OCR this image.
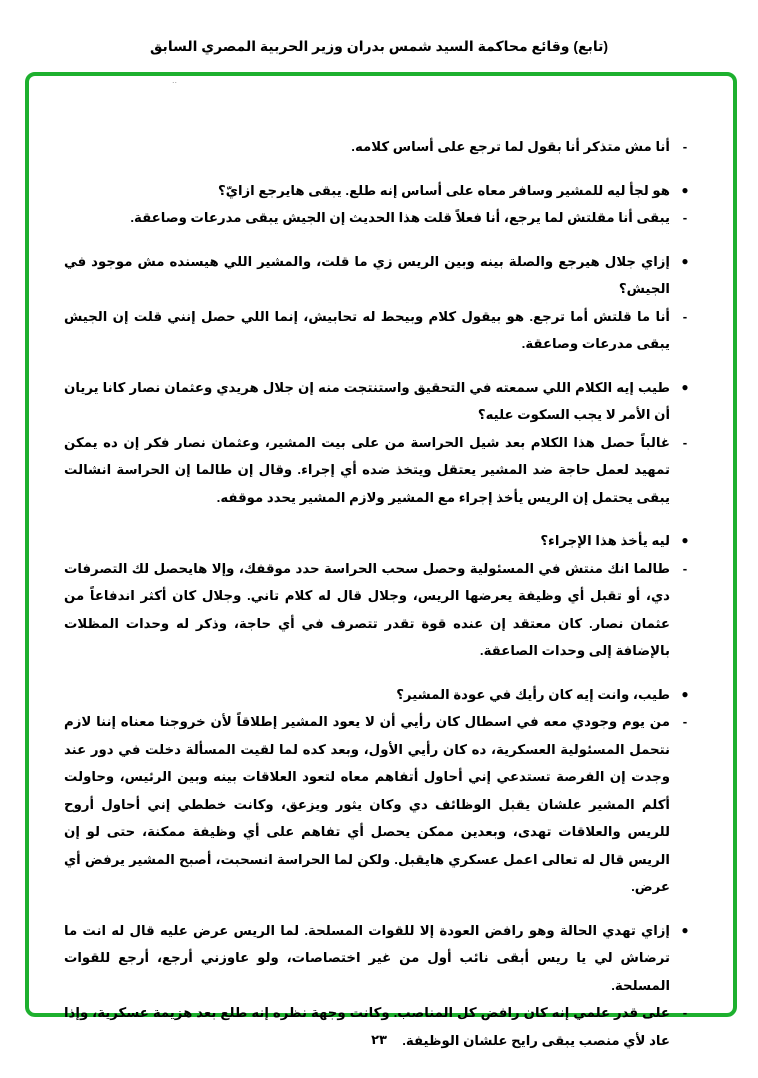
(تابع) وقائع محاكمة السيد شمس بدران وزير الحربية المصري السابق
..
-
أنا مش متذكر أنا بقول لما ترجع على أساس كلامه.
●
هو لجأ ليه للمشير وسافر معاه على أساس إنه طلع. يبقى هايرجع ازايّ؟
-
يبقى أنا مقلتش لما يرجع، أنا فعلاً قلت هذا الحديث إن الجيش يبقى مدرعات وصاعقة.
●
إزاي جلال هيرجع والصلة بينه وبين الريس زي ما قلت، والمشير اللي هيسنده مش موجود في الجيش؟
-
أنا ما قلتش أما ترجع. هو بيقول كلام وبيحط له تحابيش، إنما اللي حصل إنني قلت إن الجيش يبقى مدرعات وصاعقة.
●
طيب إيه الكلام اللي سمعته في التحقيق واستنتجت منه إن جلال هريدي وعثمان نصار كانا يريان أن الأمر لا يجب السكوت عليه؟
-
غالباً حصل هذا الكلام بعد شيل الحراسة من على بيت المشير، وعثمان نصار فكر إن ده يمكن تمهيد لعمل حاجة ضد المشير يعتقل ويتخذ ضده أي إجراء. وقال إن طالما إن الحراسة انشالت يبقى يحتمل إن الريس يأخذ إجراء مع المشير ولازم المشير يحدد موقفه.
●
ليه يأخذ هذا الإجراء؟
-
طالما انك منتش في المسئولية وحصل سحب الحراسة حدد موقفك، وإلا هايحصل لك التصرفات دي، أو تقبل أي وظيفة يعرضها الريس، وجلال قال له كلام تاني. وجلال كان أكثر اندفاعاً من عثمان نصار. كان معتقد إن عنده قوة تقدر تتصرف في أي حاجة، وذكر له وحدات المظلات بالإضافة إلى وحدات الصاعقة.
●
طيب، وانت إيه كان رأيك في عودة المشير؟
-
من يوم وجودي معه في اسطال كان رأيي أن لا يعود المشير إطلاقاً لأن خروجنا معناه إننا لازم نتحمل المسئولية العسكرية، ده كان رأيي الأول، وبعد كده لما لقيت المسألة دخلت في دور عند وجدت إن الفرصة تستدعي إني أحاول أتفاهم معاه لتعود العلاقات بينه وبين الرئيس، وحاولت أكلم المشير علشان يقبل الوظائف دي وكان يثور ويزعق، وكانت خططي إني أحاول أروح للريس والعلاقات تهدى، وبعدين ممكن يحصل أي تفاهم على أي وظيفة ممكنة، حتى لو إن الريس قال له تعالى اعمل عسكري هايقبل. ولكن لما الحراسة انسحبت، أصبح المشير يرفض أي عرض.
●
إزاي تهدي الحالة وهو رافض العودة إلا للقوات المسلحة. لما الريس عرض عليه قال له انت ما ترضاش لي يا ريس أبقى نائب أول من غير اختصاصات، ولو عاوزني أرجع، أرجع للقوات المسلحة.
-
على قدر علمي إنه كان رافض كل المناصب. وكانت وجهة نظره إنه طلع بعد هزيمة عسكرية، وإذا عاد لأي منصب يبقى رايح علشان الوظيفة.
٢٣
